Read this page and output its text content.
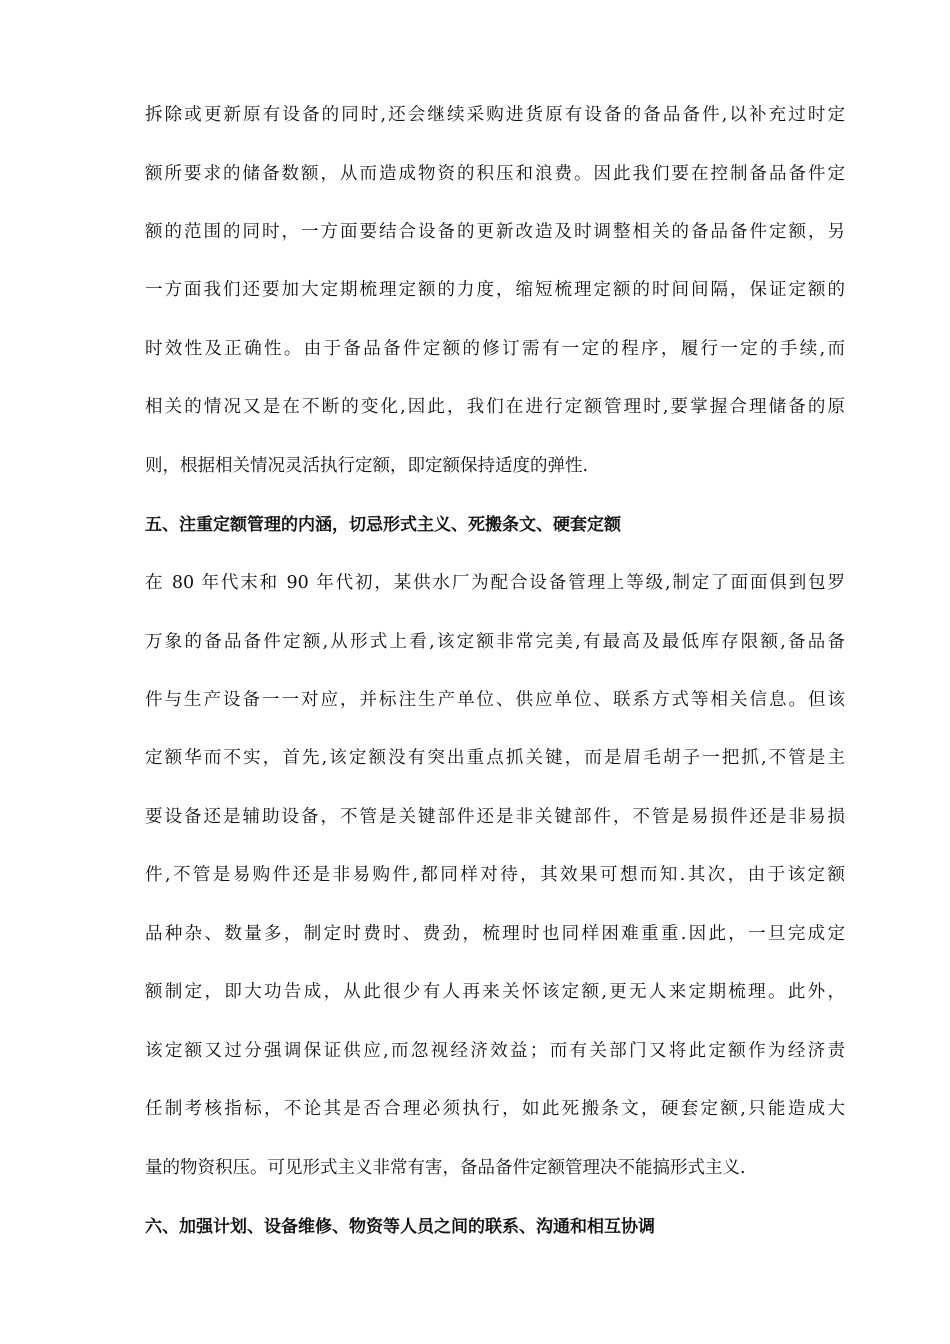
拆除或更新原有设备的同时,还会继续采购进货原有设备的备品备件,以补充过时定
额所要求的储备数额，从而造成物资的积压和浪费。因此我们要在控制备品备件定
额的范围的同时，一方面要结合设备的更新改造及时调整相关的备品备件定额，另
一方面我们还要加大定期梳理定额的力度，缩短梳理定额的时间间隔，保证定额的
时效性及正确性。由于备品备件定额的修订需有一定的程序，履行一定的手续,而
相关的情况又是在不断的变化,因此，我们在进行定额管理时,要掌握合理储备的原
则，根据相关情况灵活执行定额，即定额保持适度的弹性.
五、注重定额管理的内涵，切忌形式主义、死搬条文、硬套定额
在 80 年代末和 90 年代初，某供水厂为配合设备管理上等级,制定了面面俱到包罗
万象的备品备件定额,从形式上看,该定额非常完美,有最高及最低库存限额,备品备
件与生产设备一一对应，并标注生产单位、供应单位、联系方式等相关信息。但该
定额华而不实，首先,该定额没有突出重点抓关键，而是眉毛胡子一把抓,不管是主
要设备还是辅助设备，不管是关键部件还是非关键部件，不管是易损件还是非易损
件,不管是易购件还是非易购件,都同样对待，其效果可想而知.其次，由于该定额
品种杂、数量多，制定时费时、费劲，梳理时也同样困难重重.因此，一旦完成定
额制定，即大功告成，从此很少有人再来关怀该定额,更无人来定期梳理。此外，
该定额又过分强调保证供应,而忽视经济效益；而有关部门又将此定额作为经济责
任制考核指标，不论其是否合理必须执行，如此死搬条文，硬套定额,只能造成大
量的物资积压。可见形式主义非常有害，备品备件定额管理决不能搞形式主义.
六、加强计划、设备维修、物资等人员之间的联系、沟通和相互协调
